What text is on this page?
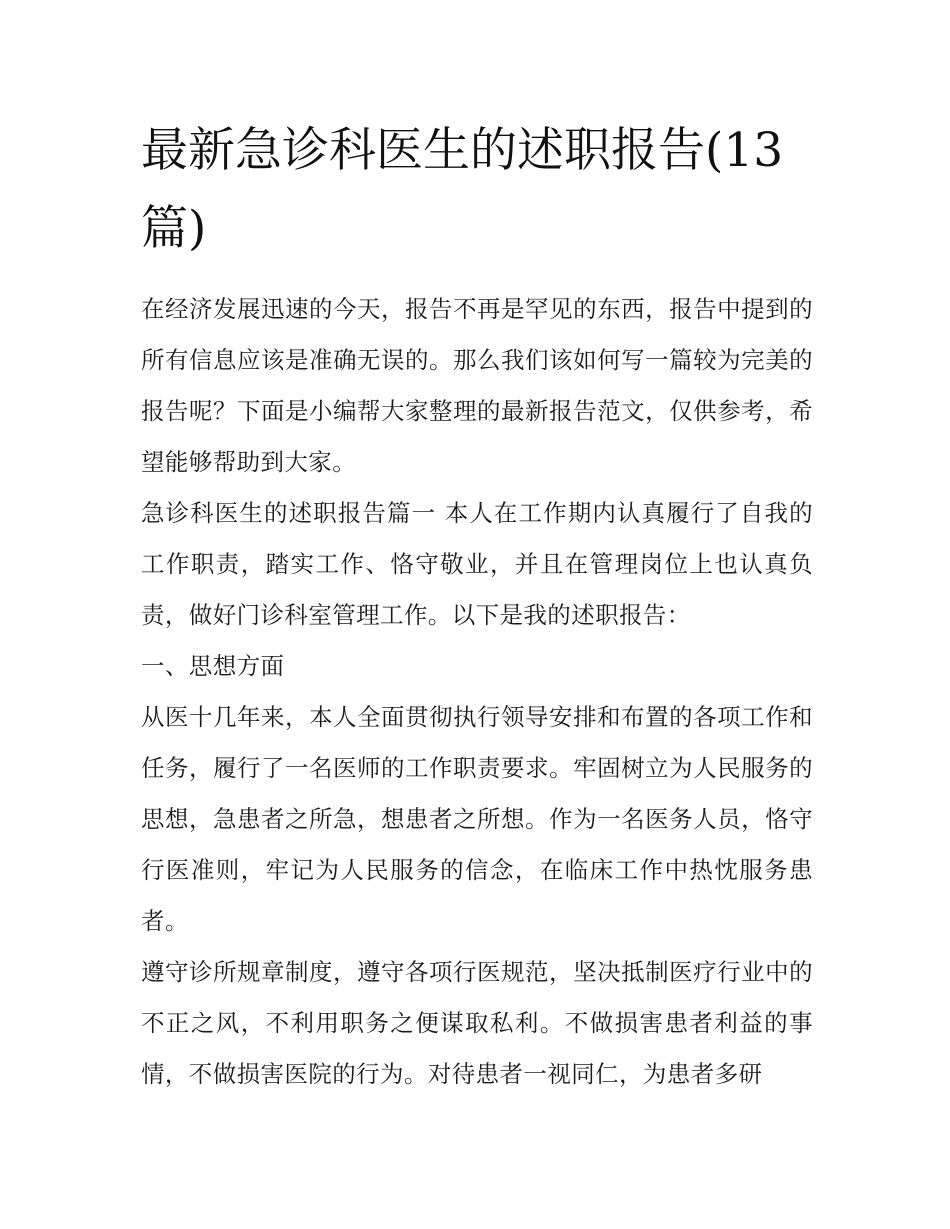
最新急诊科医生的述职报告(13篇)

在经济发展迅速的今天，报告不再是罕见的东西，报告中提到的所有信息应该是准确无误的。那么我们该如何写一篇较为完美的报告呢？下面是小编帮大家整理的最新报告范文，仅供参考，希望能够帮助到大家。

急诊科医生的述职报告篇一 本人在工作期内认真履行了自我的工作职责，踏实工作、恪守敬业，并且在管理岗位上也认真负责，做好门诊科室管理工作。以下是我的述职报告：

一、思想方面

从医十几年来，本人全面贯彻执行领导安排和布置的各项工作和任务，履行了一名医师的工作职责要求。牢固树立为人民服务的思想，急患者之所急，想患者之所想。作为一名医务人员，恪守行医准则，牢记为人民服务的信念，在临床工作中热忱服务患者。

遵守诊所规章制度，遵守各项行医规范，坚决抵制医疗行业中的不正之风，不利用职务之便谋取私利。不做损害患者利益的事情，不做损害医院的行为。对待患者一视同仁，为患者多研
